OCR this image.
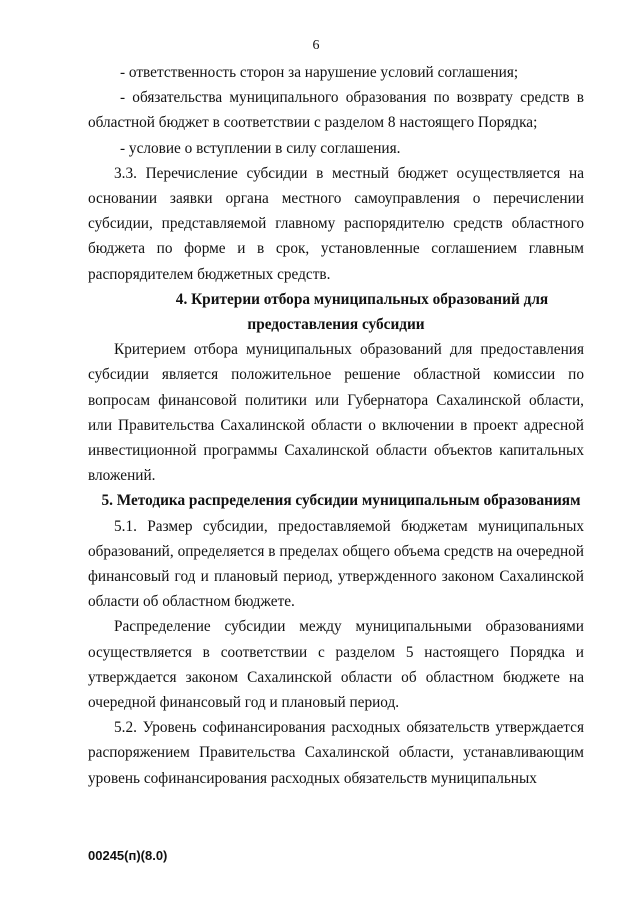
6

- ответственность сторон за нарушение условий соглашения;

- обязательства муниципального образования по возврату средств в областной бюджет в соответствии с разделом 8 настоящего Порядка;

- условие о вступлении в силу соглашения.

3.3. Перечисление субсидии в местный бюджет осуществляется на основании заявки органа местного самоуправления о перечислении субсидии, представляемой главному распорядителю средств областного бюджета по форме и в срок, установленные соглашением главным распорядителем бюджетных средств.

4. Критерии отбора муниципальных образований для

предоставления субсидии

Критерием отбора муниципальных образований для предоставления субсидии является положительное решение областной комиссии по вопросам финансовой политики или Губернатора Сахалинской области, или Правительства Сахалинской области о включении в проект адресной инвестиционной программы Сахалинской области объектов капитальных вложений.

5. Методика распределения субсидии муниципальным образованиям

5.1. Размер субсидии, предоставляемой бюджетам муниципальных образований, определяется в пределах общего объема средств на очередной финансовый год и плановый период, утвержденного законом Сахалинской области об областном бюджете.

Распределение субсидии между муниципальными образованиями осуществляется в соответствии с разделом 5 настоящего Порядка и утверждается законом Сахалинской области об областном бюджете на очередной финансовый год и плановый период.

5.2. Уровень софинансирования расходных обязательств утверждается распоряжением Правительства Сахалинской области, устанавливающим уровень софинансирования расходных обязательств муниципальных

00245(п)(8.0)
